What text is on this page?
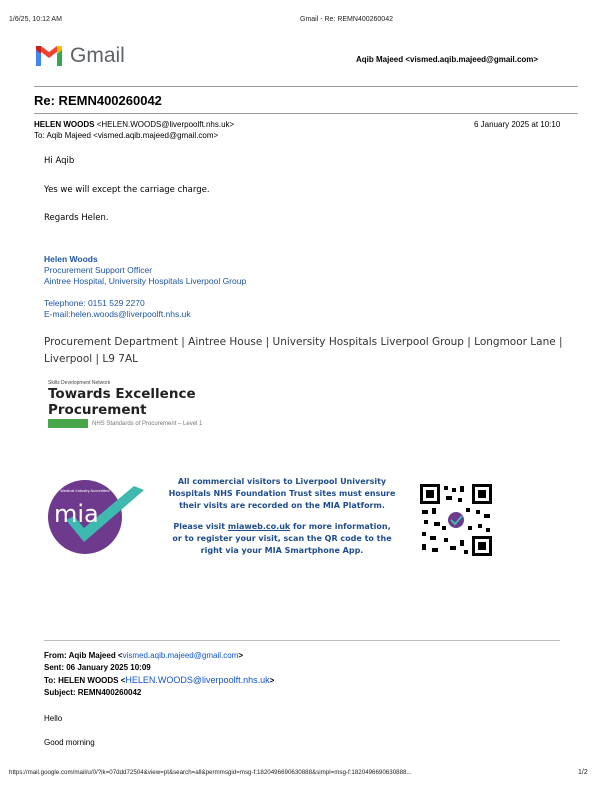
1/6/25, 10:12 AM	Gmail - Re: REMN400260042
Gmail	Aqib Majeed <vismed.aqib.majeed@gmail.com>
Re: REMN400260042
HELEN WOODS <HELEN.WOODS@liverpoolft.nhs.uk>	6 January 2025 at 10:10
To: Aqib Majeed <vismed.aqib.majeed@gmail.com>
Hi Aqib
Yes we will except the carriage charge.
Regards Helen.
Helen Woods
Procurement Support Officer
Aintree Hospital, University Hospitals Liverpool Group
Telephone: 0151 529 2270
E-mail:helen.woods@liverpoolft.nhs.uk
Procurement Department | Aintree House | University Hospitals Liverpool Group | Longmoor Lane |
Liverpool | L9 7AL
Skills Development Network
Towards Excellence Procurement
NHS Standards of Procurement – Level 1
Medical Industry Accredited
mia
All commercial visitors to Liverpool University
Hospitals NHS Foundation Trust sites must ensure
their visits are recorded on the MIA Platform.
Please visit miaweb.co.uk for more information,
or to register your visit, scan the QR code to the
right via your MIA Smartphone App.
From: Aqib Majeed <vismed.aqib.majeed@gmail.com>
Sent: 06 January 2025 10:09
To: HELEN WOODS <HELEN.WOODS@liverpoolft.nhs.uk>
Subject: REMN400260042
Hello
Good morning
https://mail.google.com/mail/u/0/?ik=07ddd72504&view=pt&search=all&permmsgid=msg-f:1820496690630888&simpl=msg-f:1820496690630888...	1/2
